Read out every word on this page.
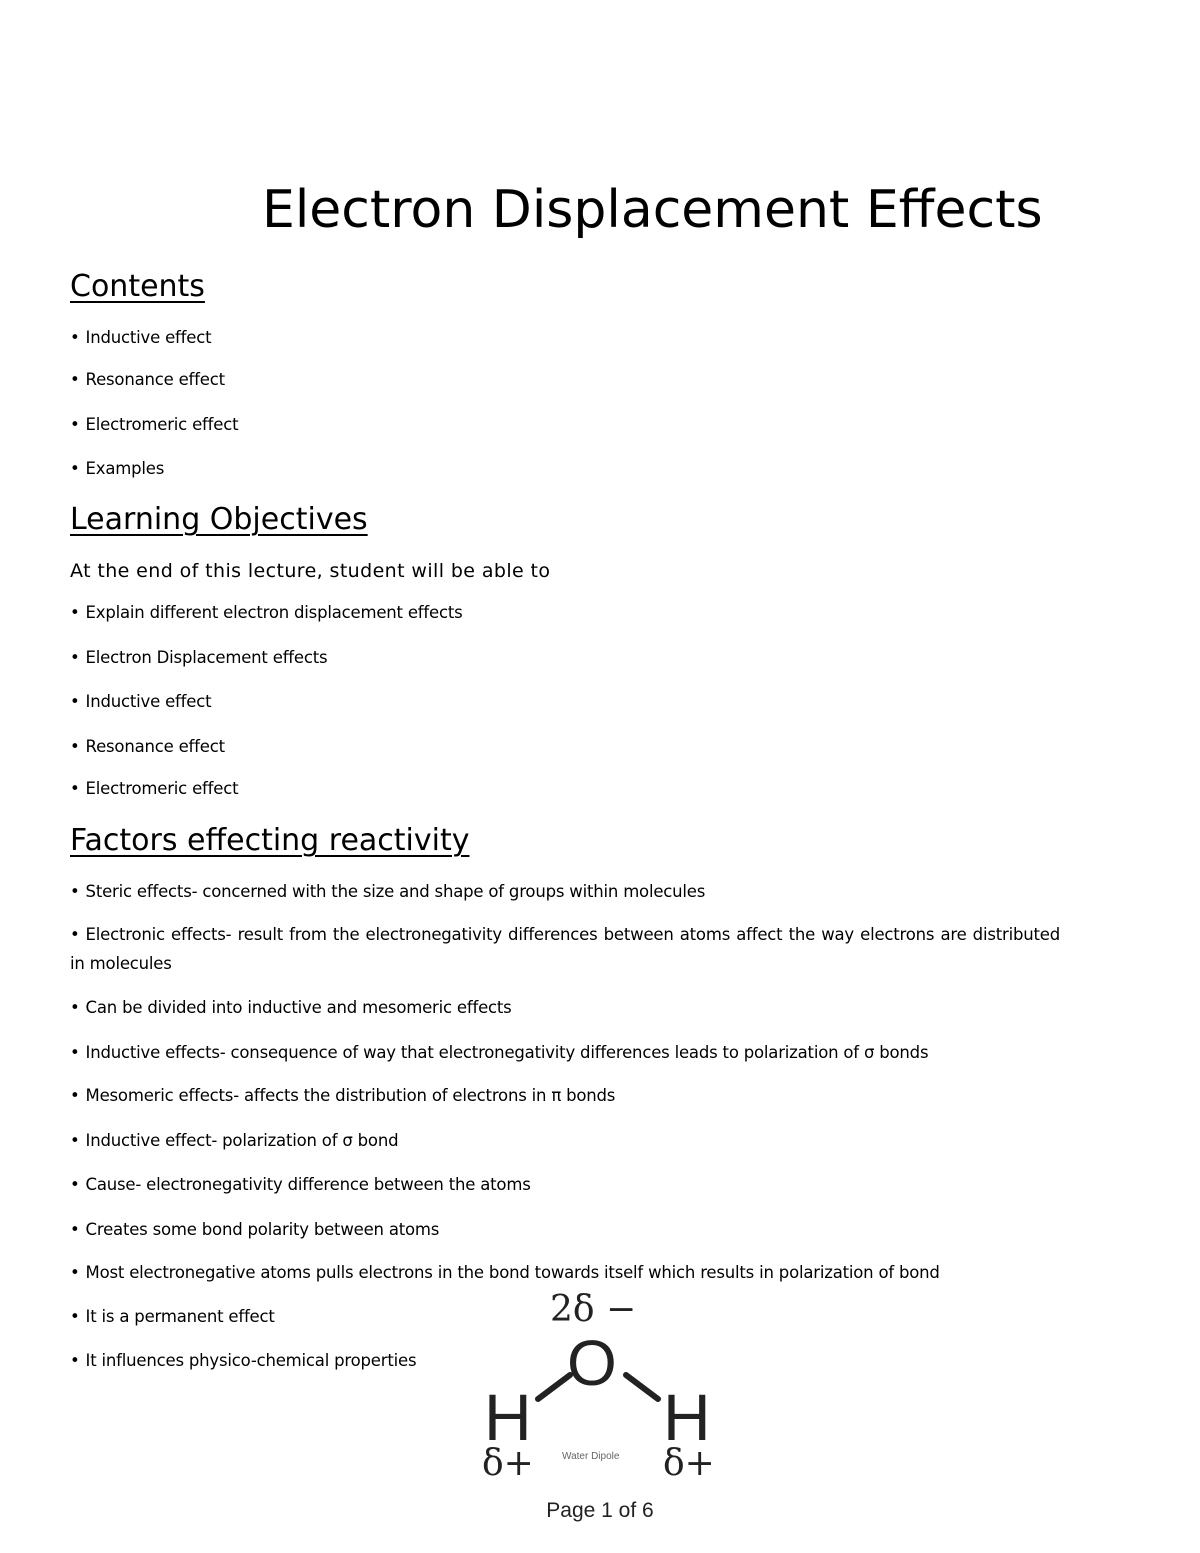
Electron Displacement Effects
Contents
• Inductive effect
• Resonance effect
• Electromeric effect
• Examples
Learning Objectives
At the end of this lecture, student will be able to
• Explain different electron displacement effects
• Electron Displacement effects
• Inductive effect
• Resonance effect
• Electromeric effect
Factors effecting reactivity
• Steric effects- concerned with the size and shape of groups within molecules
• Electronic effects- result from the electronegativity differences between atoms affect the way electrons are distributed in molecules
• Can be divided into inductive and mesomeric effects
• Inductive effects- consequence of way that electronegativity differences leads to polarization of σ bonds
• Mesomeric effects- affects the distribution of electrons in π bonds
• Inductive effect- polarization of σ bond
• Cause- electronegativity difference between the atoms
• Creates some bond polarity between atoms
• Most electronegative atoms pulls electrons in the bond towards itself which results in polarization of bond
• It is a permanent effect
• It influences physico-chemical properties
2δ −
O
H H
δ+	δ+
Water Dipole
Page 1 of 6
